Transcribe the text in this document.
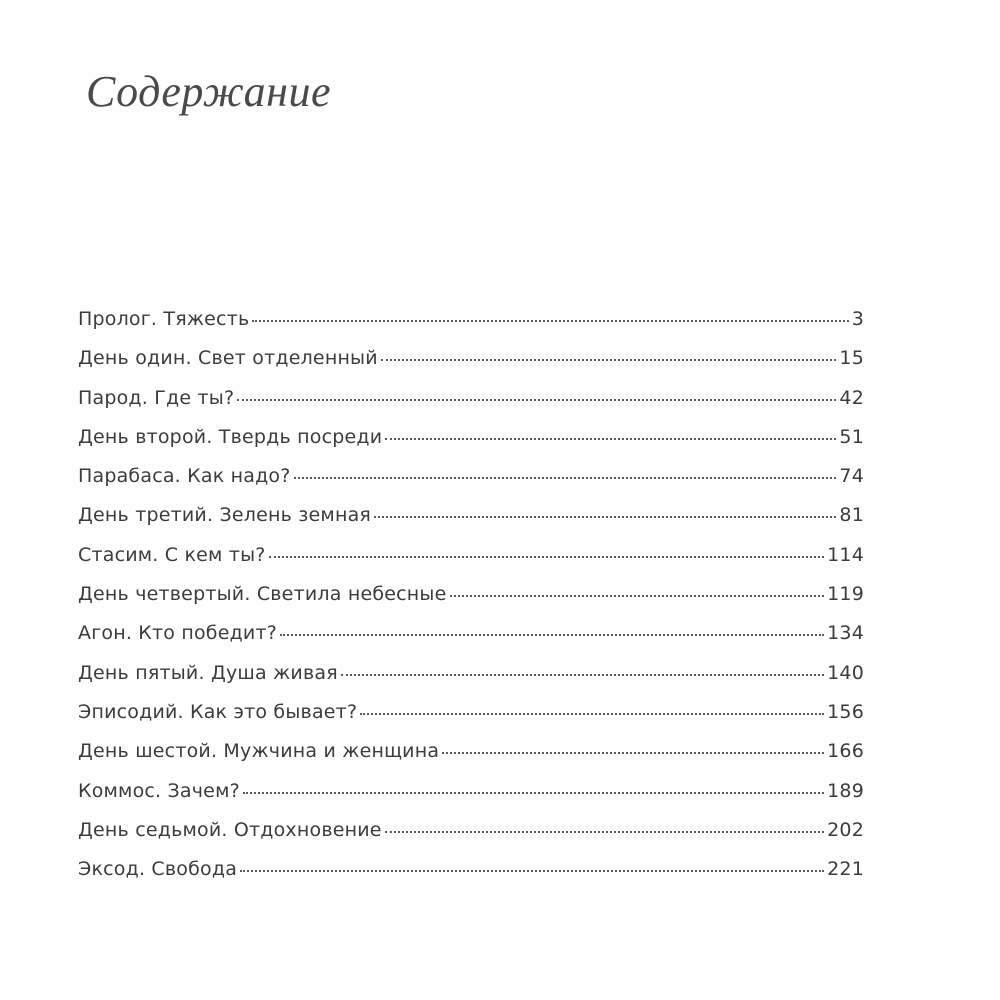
Содержание
Пролог. Тяжесть	3
День один. Свет отделенный	15
Парод. Где ты?	42
День второй. Твердь посреди	51
Парабаса. Как надо?	74
День третий. Зелень земная	81
Стасим. С кем ты?	114
День четвертый. Светила небесные	119
Агон. Кто победит?	134
День пятый. Душа живая	140
Эписодий. Как это бывает?	156
День шестой. Мужчина и женщина	166
Коммос. Зачем?	189
День седьмой. Отдохновение	202
Эксод. Свобода	221
